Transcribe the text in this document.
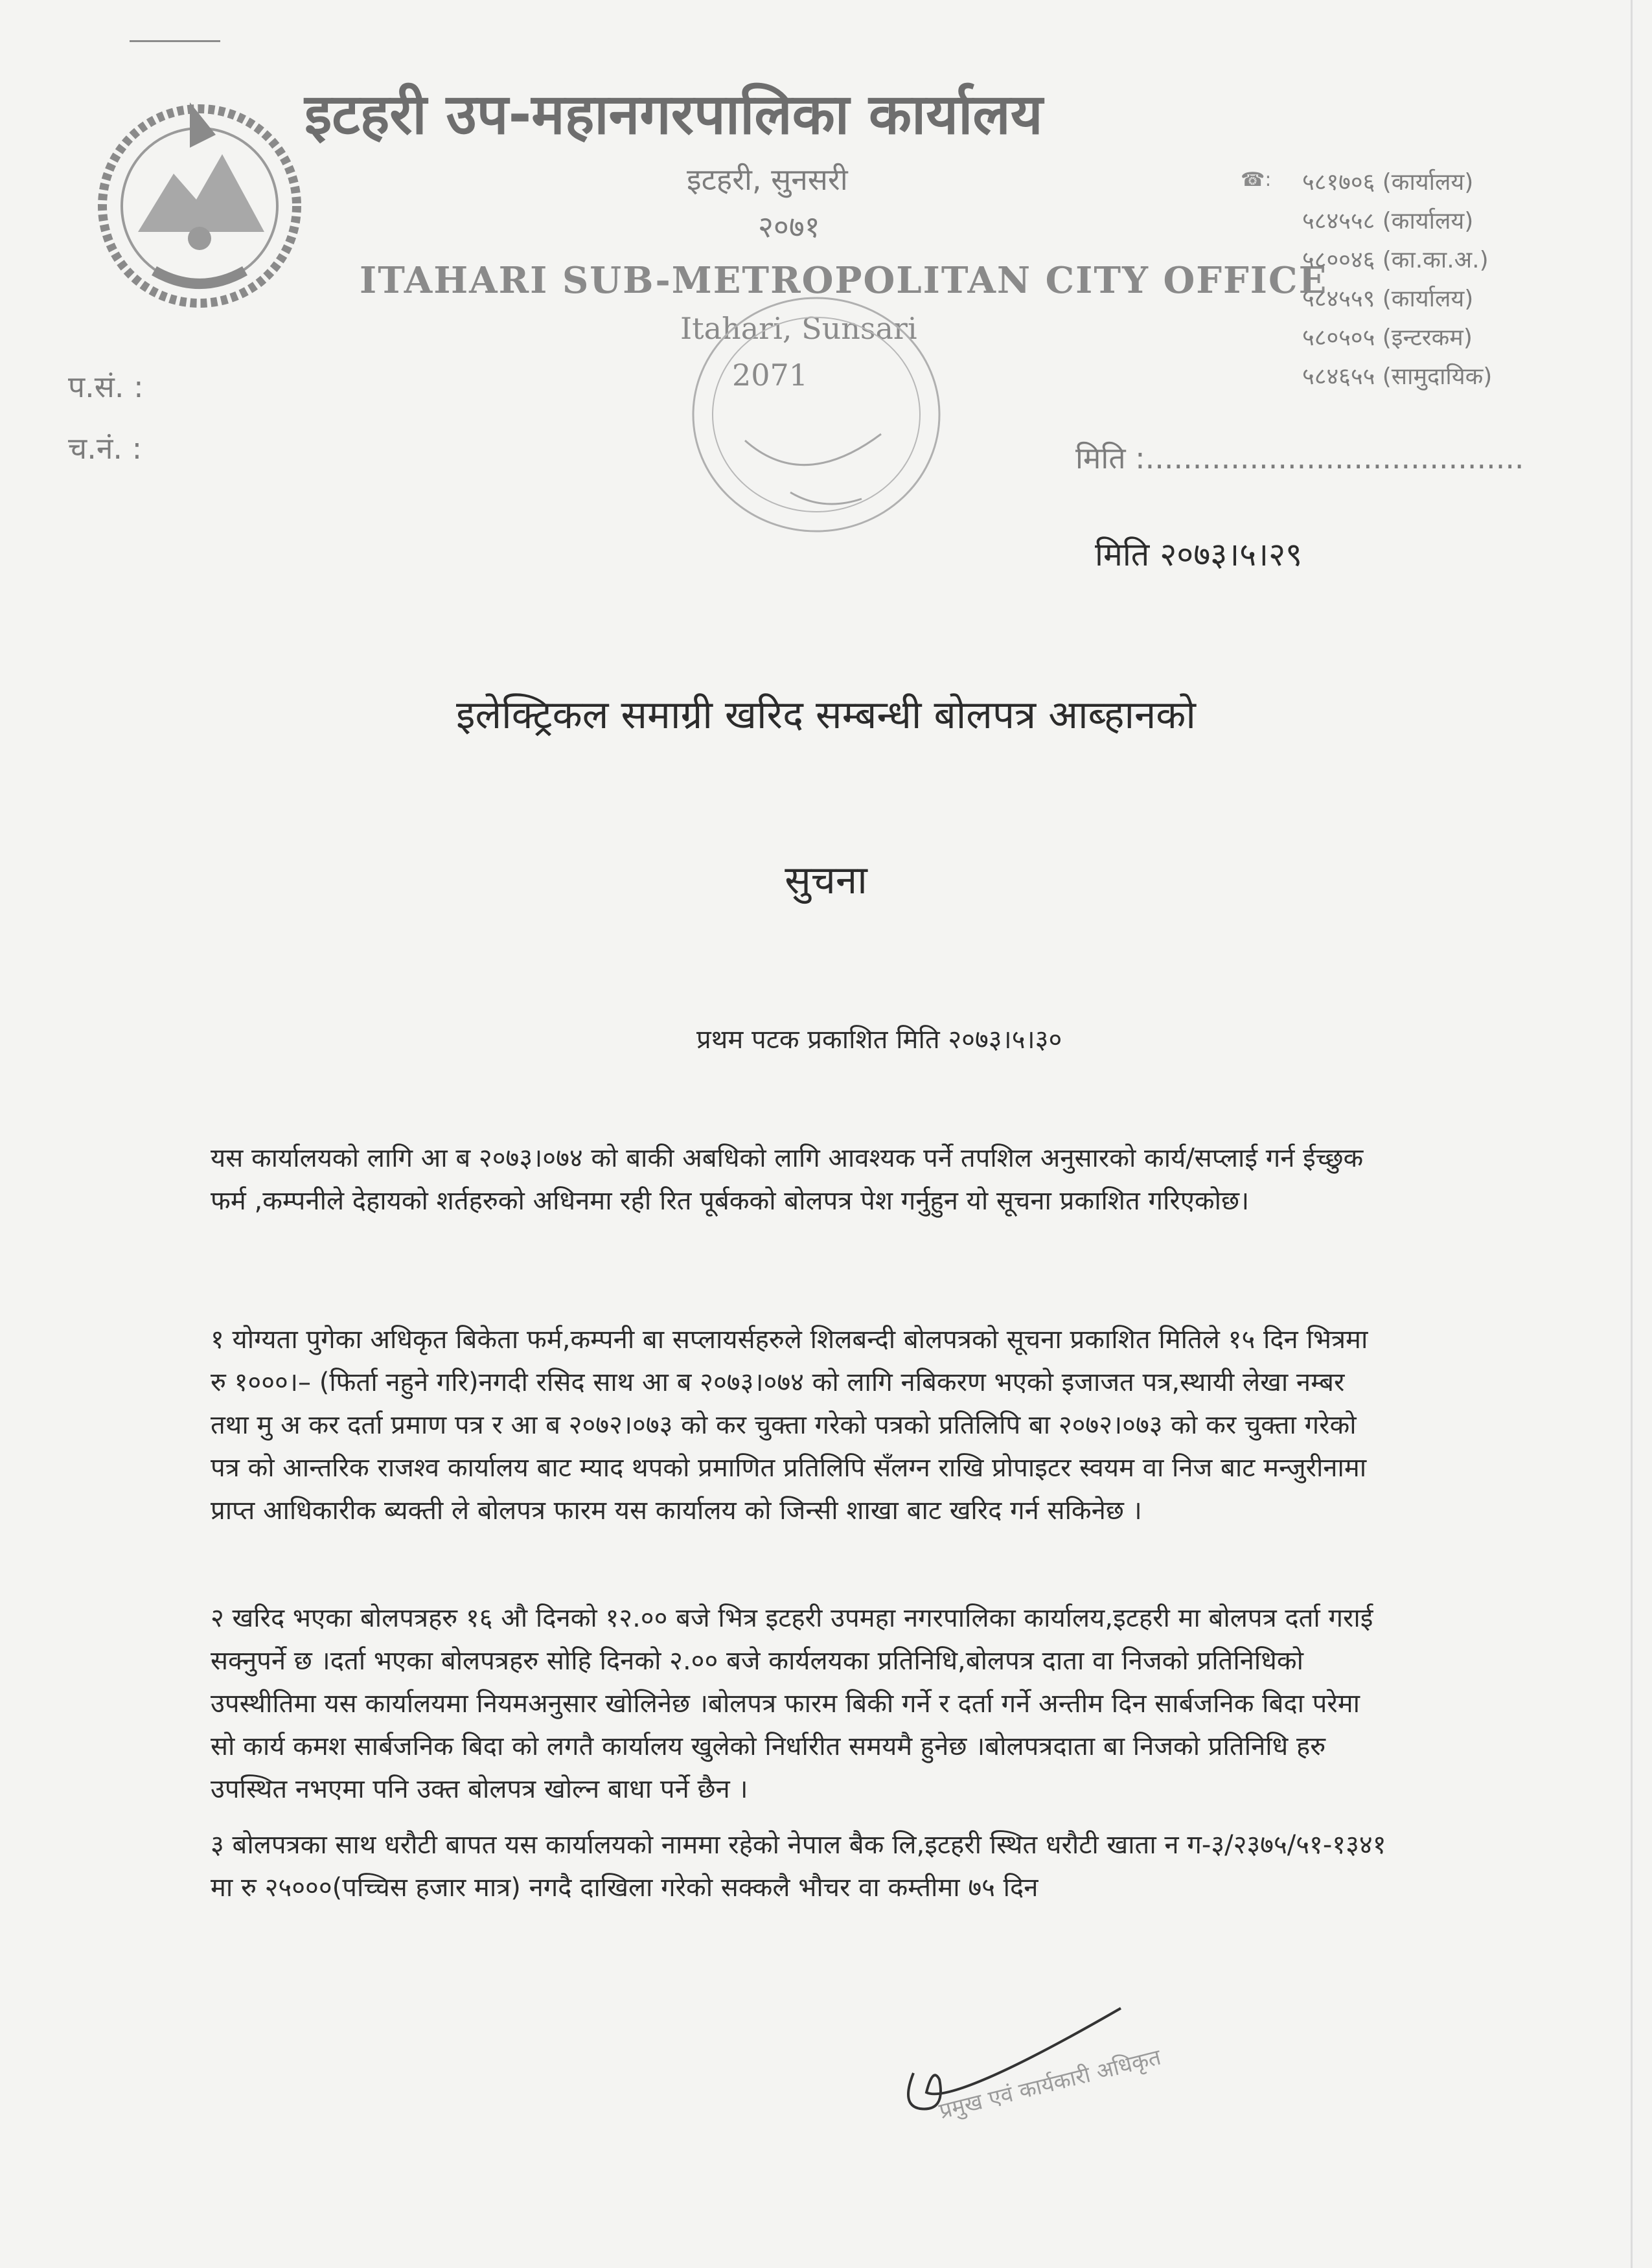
इटहरी उप-महानगरपालिका कार्यालय
इटहरी, सुनसरी
२०७१
ITAHARI SUB-METROPOLITAN CITY OFFICE
Itahari, Sunsari
2071
☎: ५८१७०६ (कार्यालय)
५८४५५८ (कार्यालय)
५८००४६ (का.का.अ.)
५८४५५९ (कार्यालय)
५८०५०५ (इन्टरकम)
५८४६५५ (सामुदायिक)
प.सं. :
च.नं. :	मिति :........................................
मिति २०७३।५।२९
इलेक्ट्रिकल समाग्री खरिद सम्बन्धी बोलपत्र आब्हानको
सुचना
प्रथम पटक प्रकाशित मिति २०७३।५।३०

यस कार्यालयको लागि आ ब २०७३।०७४ को बाकी अबधिको लागि आवश्यक पर्ने तपशिल अनुसारको कार्य/सप्लाई गर्न ईच्छुक फर्म ,कम्पनीले देहायको शर्तहरुको अधिनमा रही रित पूर्बकको बोलपत्र पेश गर्नुहुन यो सूचना प्रकाशित गरिएकोछ।

१ योग्यता पुगेका अधिकृत बिकेता फर्म,कम्पनी बा सप्लायर्सहरुले शिलबन्दी बोलपत्रको सूचना प्रकाशित मितिले १५ दिन भित्रमा रु १०००।– (फिर्ता नहुने गरि)नगदी रसिद साथ आ ब २०७३।०७४ को लागि नबिकरण भएको इजाजत पत्र,स्थायी लेखा नम्बर तथा मु अ कर दर्ता प्रमाण पत्र र आ ब २०७२।०७३ को कर चुक्ता गरेको पत्रको प्रतिलिपि बा २०७२।०७३ को कर चुक्ता गरेको पत्र को आन्तरिक राजश्व कार्यालय बाट म्याद थपको प्रमाणित प्रतिलिपि सँलग्न राखि प्रोपाइटर स्वयम वा निज बाट मन्जुरीनामा प्राप्त आधिकारीक ब्यक्ती ले बोलपत्र फारम यस कार्यालय को जिन्सी शाखा बाट खरिद गर्न सकिनेछ ।

२ खरिद भएका बोलपत्रहरु १६ औ दिनको १२.०० बजे भित्र इटहरी उपमहा नगरपालिका कार्यालय,इटहरी मा बोलपत्र दर्ता गराई सक्नुपर्ने छ ।दर्ता भएका बोलपत्रहरु सोहि दिनको २.०० बजे कार्यलयका प्रतिनिधि,बोलपत्र दाता वा निजको प्रतिनिधिको उपस्थीतिमा यस कार्यालयमा नियमअनुसार खोलिनेछ ।बोलपत्र फारम बिकी गर्ने र दर्ता गर्ने अन्तीम दिन सार्बजनिक बिदा परेमा सो कार्य कमश सार्बजनिक बिदा को लगतै कार्यालय खुलेको निर्धारीत समयमै हुनेछ ।बोलपत्रदाता बा निजको प्रतिनिधि हरु उपस्थित नभएमा पनि उक्त बोलपत्र खोल्न बाधा पर्ने छैन ।

३ बोलपत्रका साथ धरौटी बापत यस कार्यालयको नाममा रहेको नेपाल बैक लि,इटहरी स्थित धरौटी खाता न ग-३/२३७५/५१-१३४१ मा रु २५०००(पच्चिस हजार मात्र) नगदै दाखिला गरेको सक्कलै भौचर वा कम्तीमा ७५ दिन

प्रमुख एवं कार्यकारी अधिकृत
